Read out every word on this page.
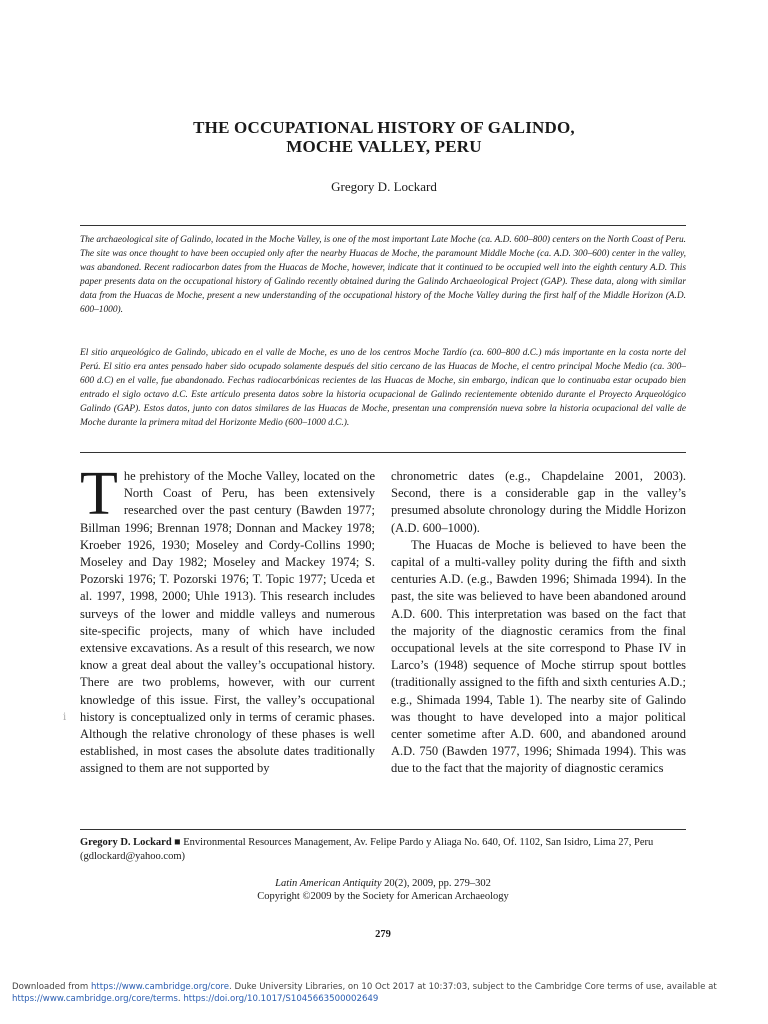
THE OCCUPATIONAL HISTORY OF GALINDO,
MOCHE VALLEY, PERU
Gregory D. Lockard

The archaeological site of Galindo, located in the Moche Valley, is one of the most important Late Moche (ca. A.D. 600–800) centers on the North Coast of Peru. The site was once thought to have been occupied only after the nearby Huacas de Moche, the paramount Middle Moche (ca. A.D. 300–600) center in the valley, was abandoned. Recent radiocarbon dates from the Huacas de Moche, however, indicate that it continued to be occupied well into the eighth century A.D. This paper presents data on the occupational history of Galindo recently obtained during the Galindo Archaeological Project (GAP). These data, along with similar data from the Huacas de Moche, present a new understanding of the occupational history of the Moche Valley during the first half of the Middle Horizon (A.D. 600–1000).

El sitio arqueológico de Galindo, ubicado en el valle de Moche, es uno de los centros Moche Tardío (ca. 600–800 d.C.) más importante en la costa norte del Perú. El sitio era antes pensado haber sido ocupado solamente después del sitio cercano de las Huacas de Moche, el centro principal Moche Medio (ca. 300–600 d.C) en el valle, fue abandonado. Fechas radiocarbónicas recientes de las Huacas de Moche, sin embargo, indican que lo continuaba estar ocupado bien entrado el siglo octavo d.C. Este artículo presenta datos sobre la historia ocupacional de Galindo recientemente obtenido durante el Proyecto Arqueológico Galindo (GAP). Estos datos, junto con datos similares de las Huacas de Moche, presentan una comprensión nueva sobre la historia ocupacional del valle de Moche durante la primera mitad del Horizonte Medio (600–1000 d.C.).

The prehistory of the Moche Valley, located on the North Coast of Peru, has been extensively researched over the past century (Bawden 1977; Billman 1996; Brennan 1978; Donnan and Mackey 1978; Kroeber 1926, 1930; Moseley and Cordy-Collins 1990; Moseley and Day 1982; Moseley and Mackey 1974; S. Pozorski 1976; T. Pozorski 1976; T. Topic 1977; Uceda et al. 1997, 1998, 2000; Uhle 1913). This research includes surveys of the lower and middle valleys and numerous site-specific projects, many of which have included extensive excavations. As a result of this research, we now know a great deal about the valley’s occupational history. There are two problems, however, with our current knowledge of this issue. First, the valley’s occupational history is conceptualized only in terms of ceramic phases. Although the relative chronology of these phases is well established, in most cases the absolute dates traditionally assigned to them are not supported by

ⅰ

chronometric dates (e.g., Chapdelaine 2001, 2003). Second, there is a considerable gap in the valley’s presumed absolute chronology during the Middle Horizon (A.D. 600–1000).

The Huacas de Moche is believed to have been the capital of a multi-valley polity during the fifth and sixth centuries A.D. (e.g., Bawden 1996; Shimada 1994). In the past, the site was believed to have been abandoned around A.D. 600. This interpretation was based on the fact that the majority of the diagnostic ceramics from the final occupational levels at the site correspond to Phase IV in Larco’s (1948) sequence of Moche stirrup spout bottles (traditionally assigned to the fifth and sixth centuries A.D.; e.g., Shimada 1994, Table 1). The nearby site of Galindo was thought to have developed into a major political center sometime after A.D. 600, and abandoned around A.D. 750 (Bawden 1977, 1996; Shimada 1994). This was due to the fact that the majority of diagnostic ceramics

Gregory D. Lockard ■ Environmental Resources Management, Av. Felipe Pardo y Aliaga No. 640, Of. 1102, San Isidro, Lima 27, Peru (gdlockard@yahoo.com)

Latin American Antiquity 20(2), 2009, pp. 279–302
Copyright ©2009 by the Society for American Archaeology
279

Downloaded from https://www.cambridge.org/core. Duke University Libraries, on 10 Oct 2017 at 10:37:03, subject to the Cambridge Core terms of use, available at https://www.cambridge.org/core/terms. https://doi.org/10.1017/S1045663500002649
